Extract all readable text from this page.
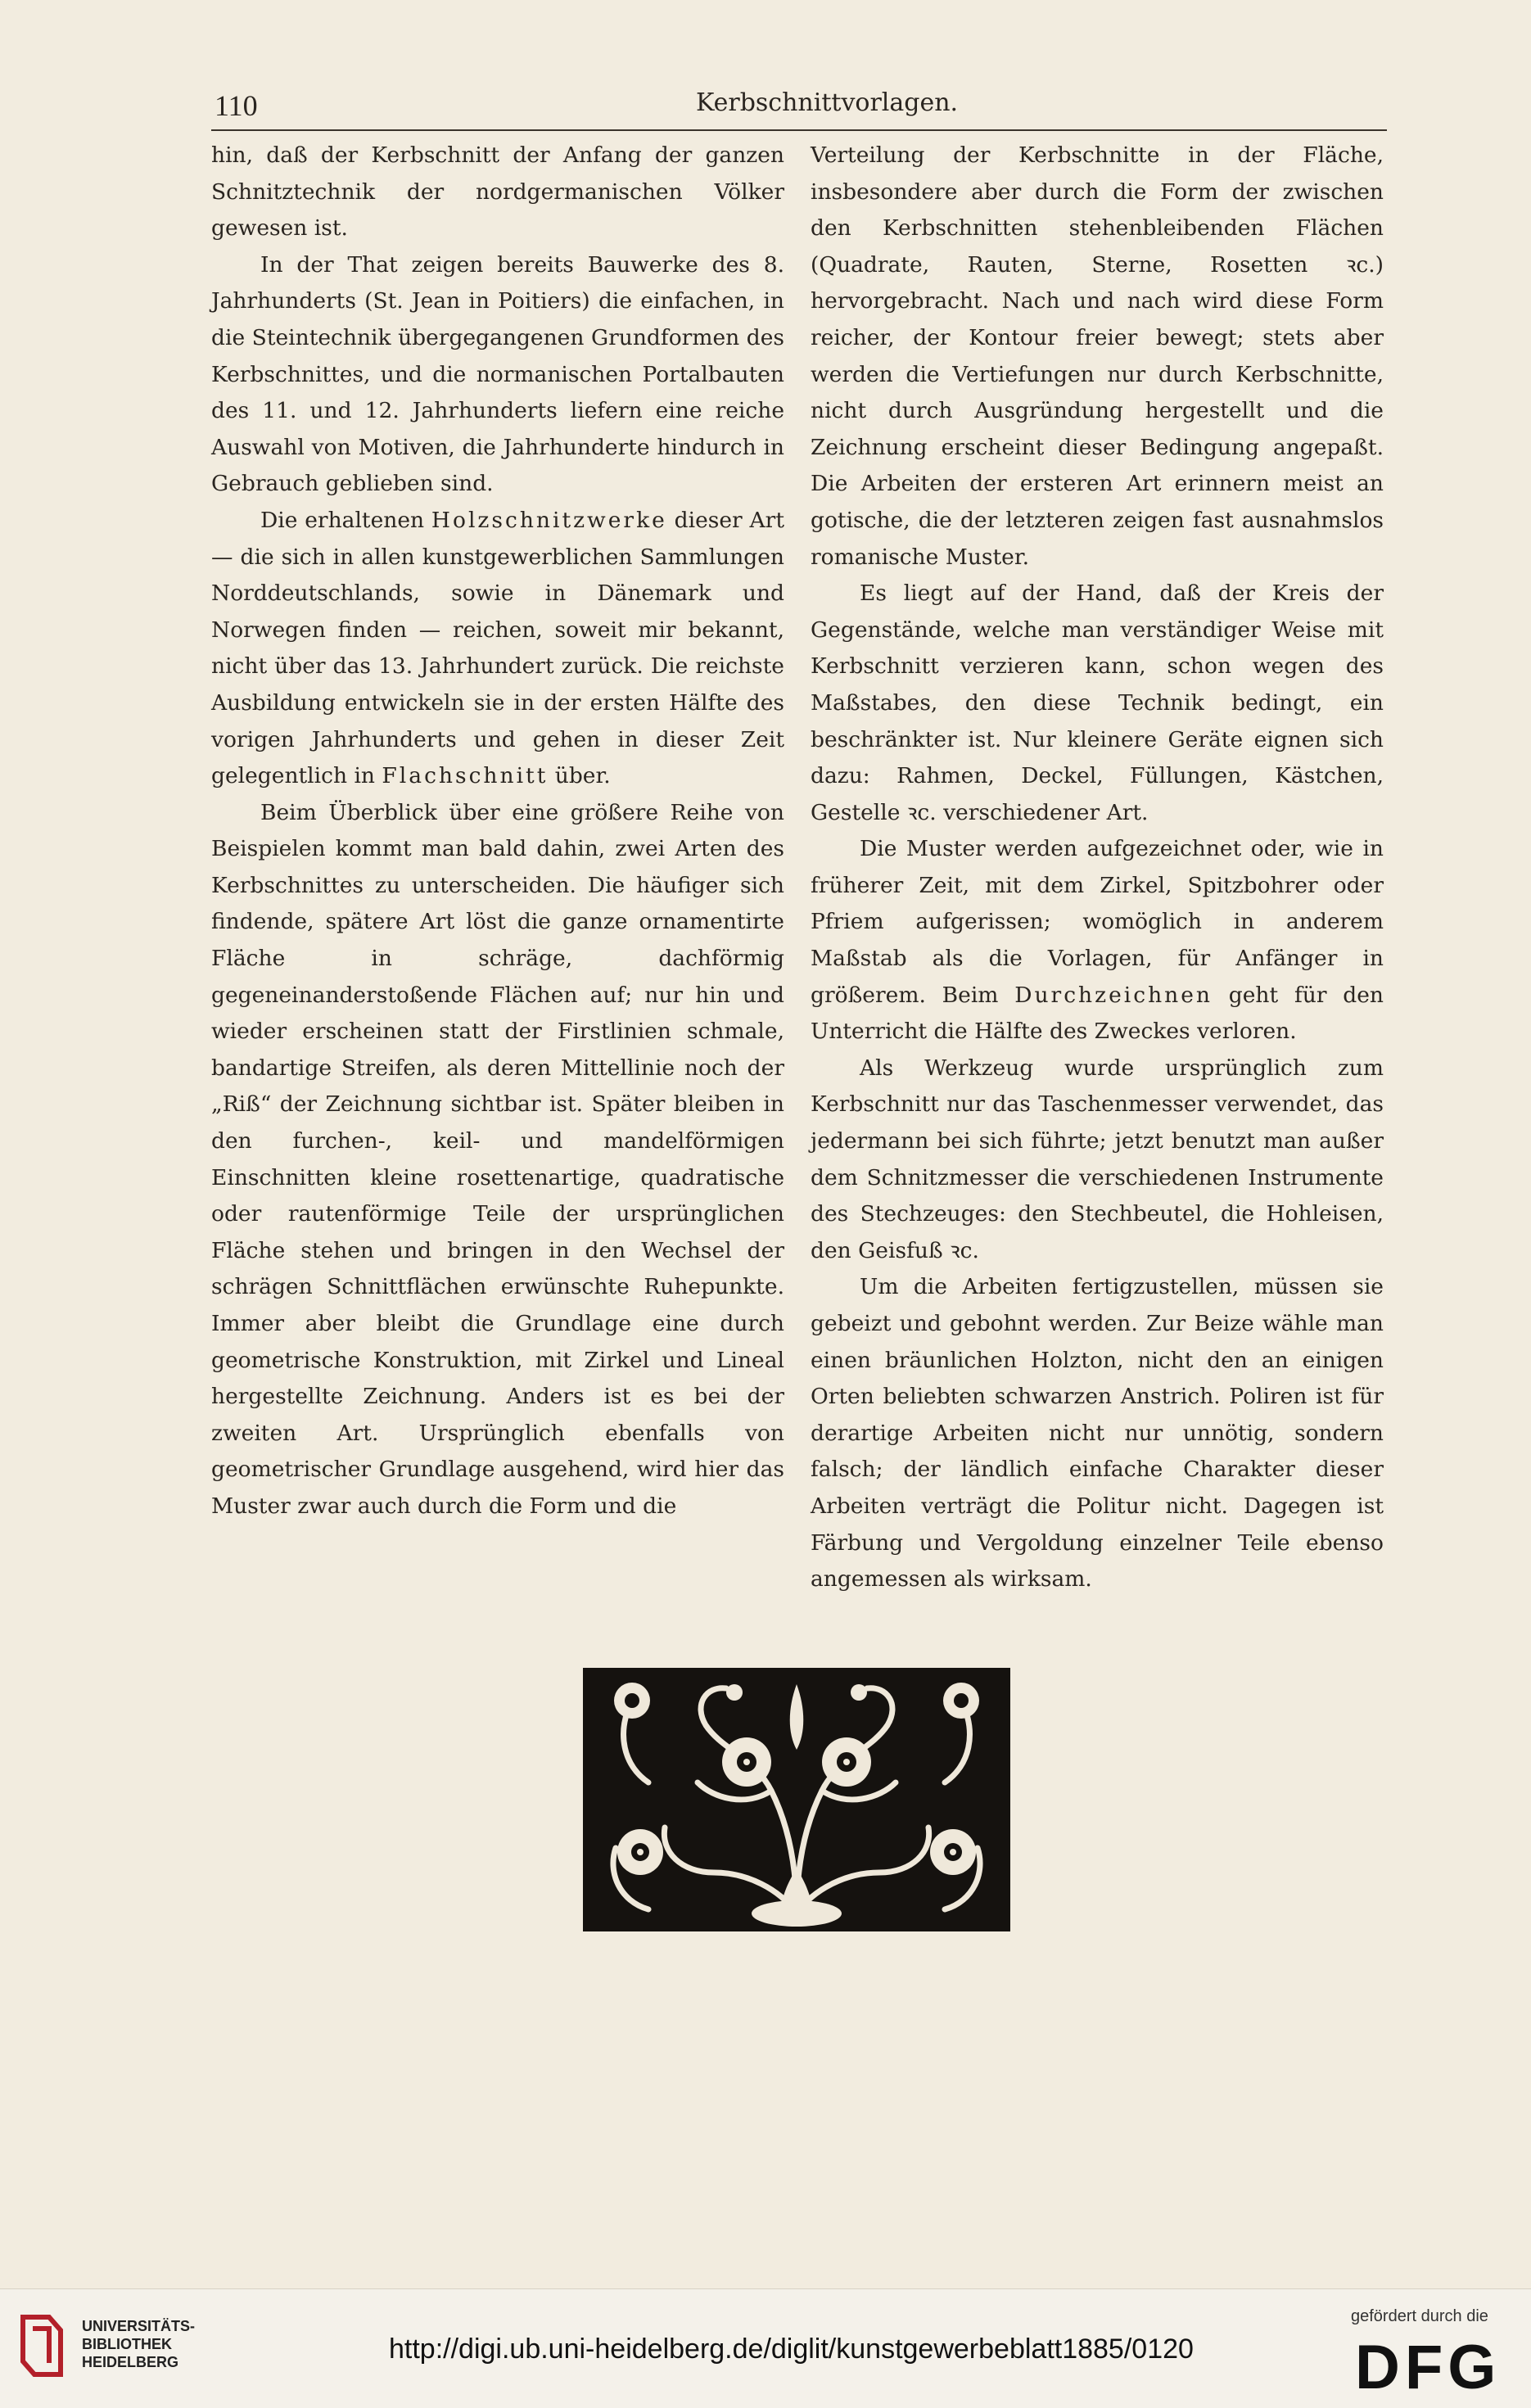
110	Kerbschnittvorlagen.

hin, daß der Kerbschnitt der Anfang der ganzen Schnitztechnik der nordgermanischen Völker gewesen ist.

In der That zeigen bereits Bauwerke des 8. Jahrhunderts (St. Jean in Poitiers) die einfachen, in die Steintechnik übergegangenen Grundformen des Kerbschnittes, und die normanischen Portalbauten des 11. und 12. Jahrhunderts liefern eine reiche Auswahl von Motiven, die Jahrhunderte hindurch in Gebrauch geblieben sind.

Die erhaltenen Holzschnitzwerke dieser Art — die sich in allen kunstgewerblichen Sammlungen Norddeutschlands, sowie in Dänemark und Norwegen finden — reichen, soweit mir bekannt, nicht über das 13. Jahrhundert zurück. Die reichste Ausbildung entwickeln sie in der ersten Hälfte des vorigen Jahrhunderts und gehen in dieser Zeit gelegentlich in Flachschnitt über.

Beim Überblick über eine größere Reihe von Beispielen kommt man bald dahin, zwei Arten des Kerbschnittes zu unterscheiden. Die häufiger sich findende, spätere Art löst die ganze ornamentirte Fläche in schräge, dachförmig gegeneinanderstoßende Flächen auf; nur hin und wieder erscheinen statt der Firstlinien schmale, bandartige Streifen, als deren Mittellinie noch der „Riß“ der Zeichnung sichtbar ist. Später bleiben in den furchen-, keil- und mandelförmigen Einschnitten kleine rosettenartige, quadratische oder rautenförmige Teile der ursprünglichen Fläche stehen und bringen in den Wechsel der schrägen Schnittflächen erwünschte Ruhepunkte. Immer aber bleibt die Grundlage eine durch geometrische Konstruktion, mit Zirkel und Lineal hergestellte Zeichnung. Anders ist es bei der zweiten Art. Ursprünglich ebenfalls von geometrischer Grundlage ausgehend, wird hier das Muster zwar auch durch die Form und die

Verteilung der Kerbschnitte in der Fläche, insbesondere aber durch die Form der zwischen den Kerbschnitten stehenbleibenden Flächen (Quadrate, Rauten, Sterne, Rosetten ꝛc.) hervorgebracht. Nach und nach wird diese Form reicher, der Kontour freier bewegt; stets aber werden die Vertiefungen nur durch Kerbschnitte, nicht durch Ausgründung hergestellt und die Zeichnung erscheint dieser Bedingung angepaßt. Die Arbeiten der ersteren Art erinnern meist an gotische, die der letzteren zeigen fast ausnahmslos romanische Muster.

Es liegt auf der Hand, daß der Kreis der Gegenstände, welche man verständiger Weise mit Kerbschnitt verzieren kann, schon wegen des Maßstabes, den diese Technik bedingt, ein beschränkter ist. Nur kleinere Geräte eignen sich dazu: Rahmen, Deckel, Füllungen, Kästchen, Gestelle ꝛc. verschiedener Art.

Die Muster werden aufgezeichnet oder, wie in früherer Zeit, mit dem Zirkel, Spitzbohrer oder Pfriem aufgerissen; womöglich in anderem Maßstab als die Vorlagen, für Anfänger in größerem. Beim Durchzeichnen geht für den Unterricht die Hälfte des Zweckes verloren.

Als Werkzeug wurde ursprünglich zum Kerbschnitt nur das Taschenmesser verwendet, das jedermann bei sich führte; jetzt benutzt man außer dem Schnitzmesser die verschiedenen Instrumente des Stechzeuges: den Stechbeutel, die Hohleisen, den Geisfuß ꝛc.

Um die Arbeiten fertigzustellen, müssen sie gebeizt und gebohnt werden. Zur Beize wähle man einen bräunlichen Holzton, nicht den an einigen Orten beliebten schwarzen Anstrich. Poliren ist für derartige Arbeiten nicht nur unnötig, sondern falsch; der ländlich einfache Charakter dieser Arbeiten verträgt die Politur nicht. Dagegen ist Färbung und Vergoldung einzelner Teile ebenso angemessen als wirksam.

UNIVERSITÄTS-
BIBLIOTHEK
HEIDELBERG	http://digi.ub.uni-heidelberg.de/diglit/kunstgewerbeblatt1885/0120
gefördert durch die
DFG
